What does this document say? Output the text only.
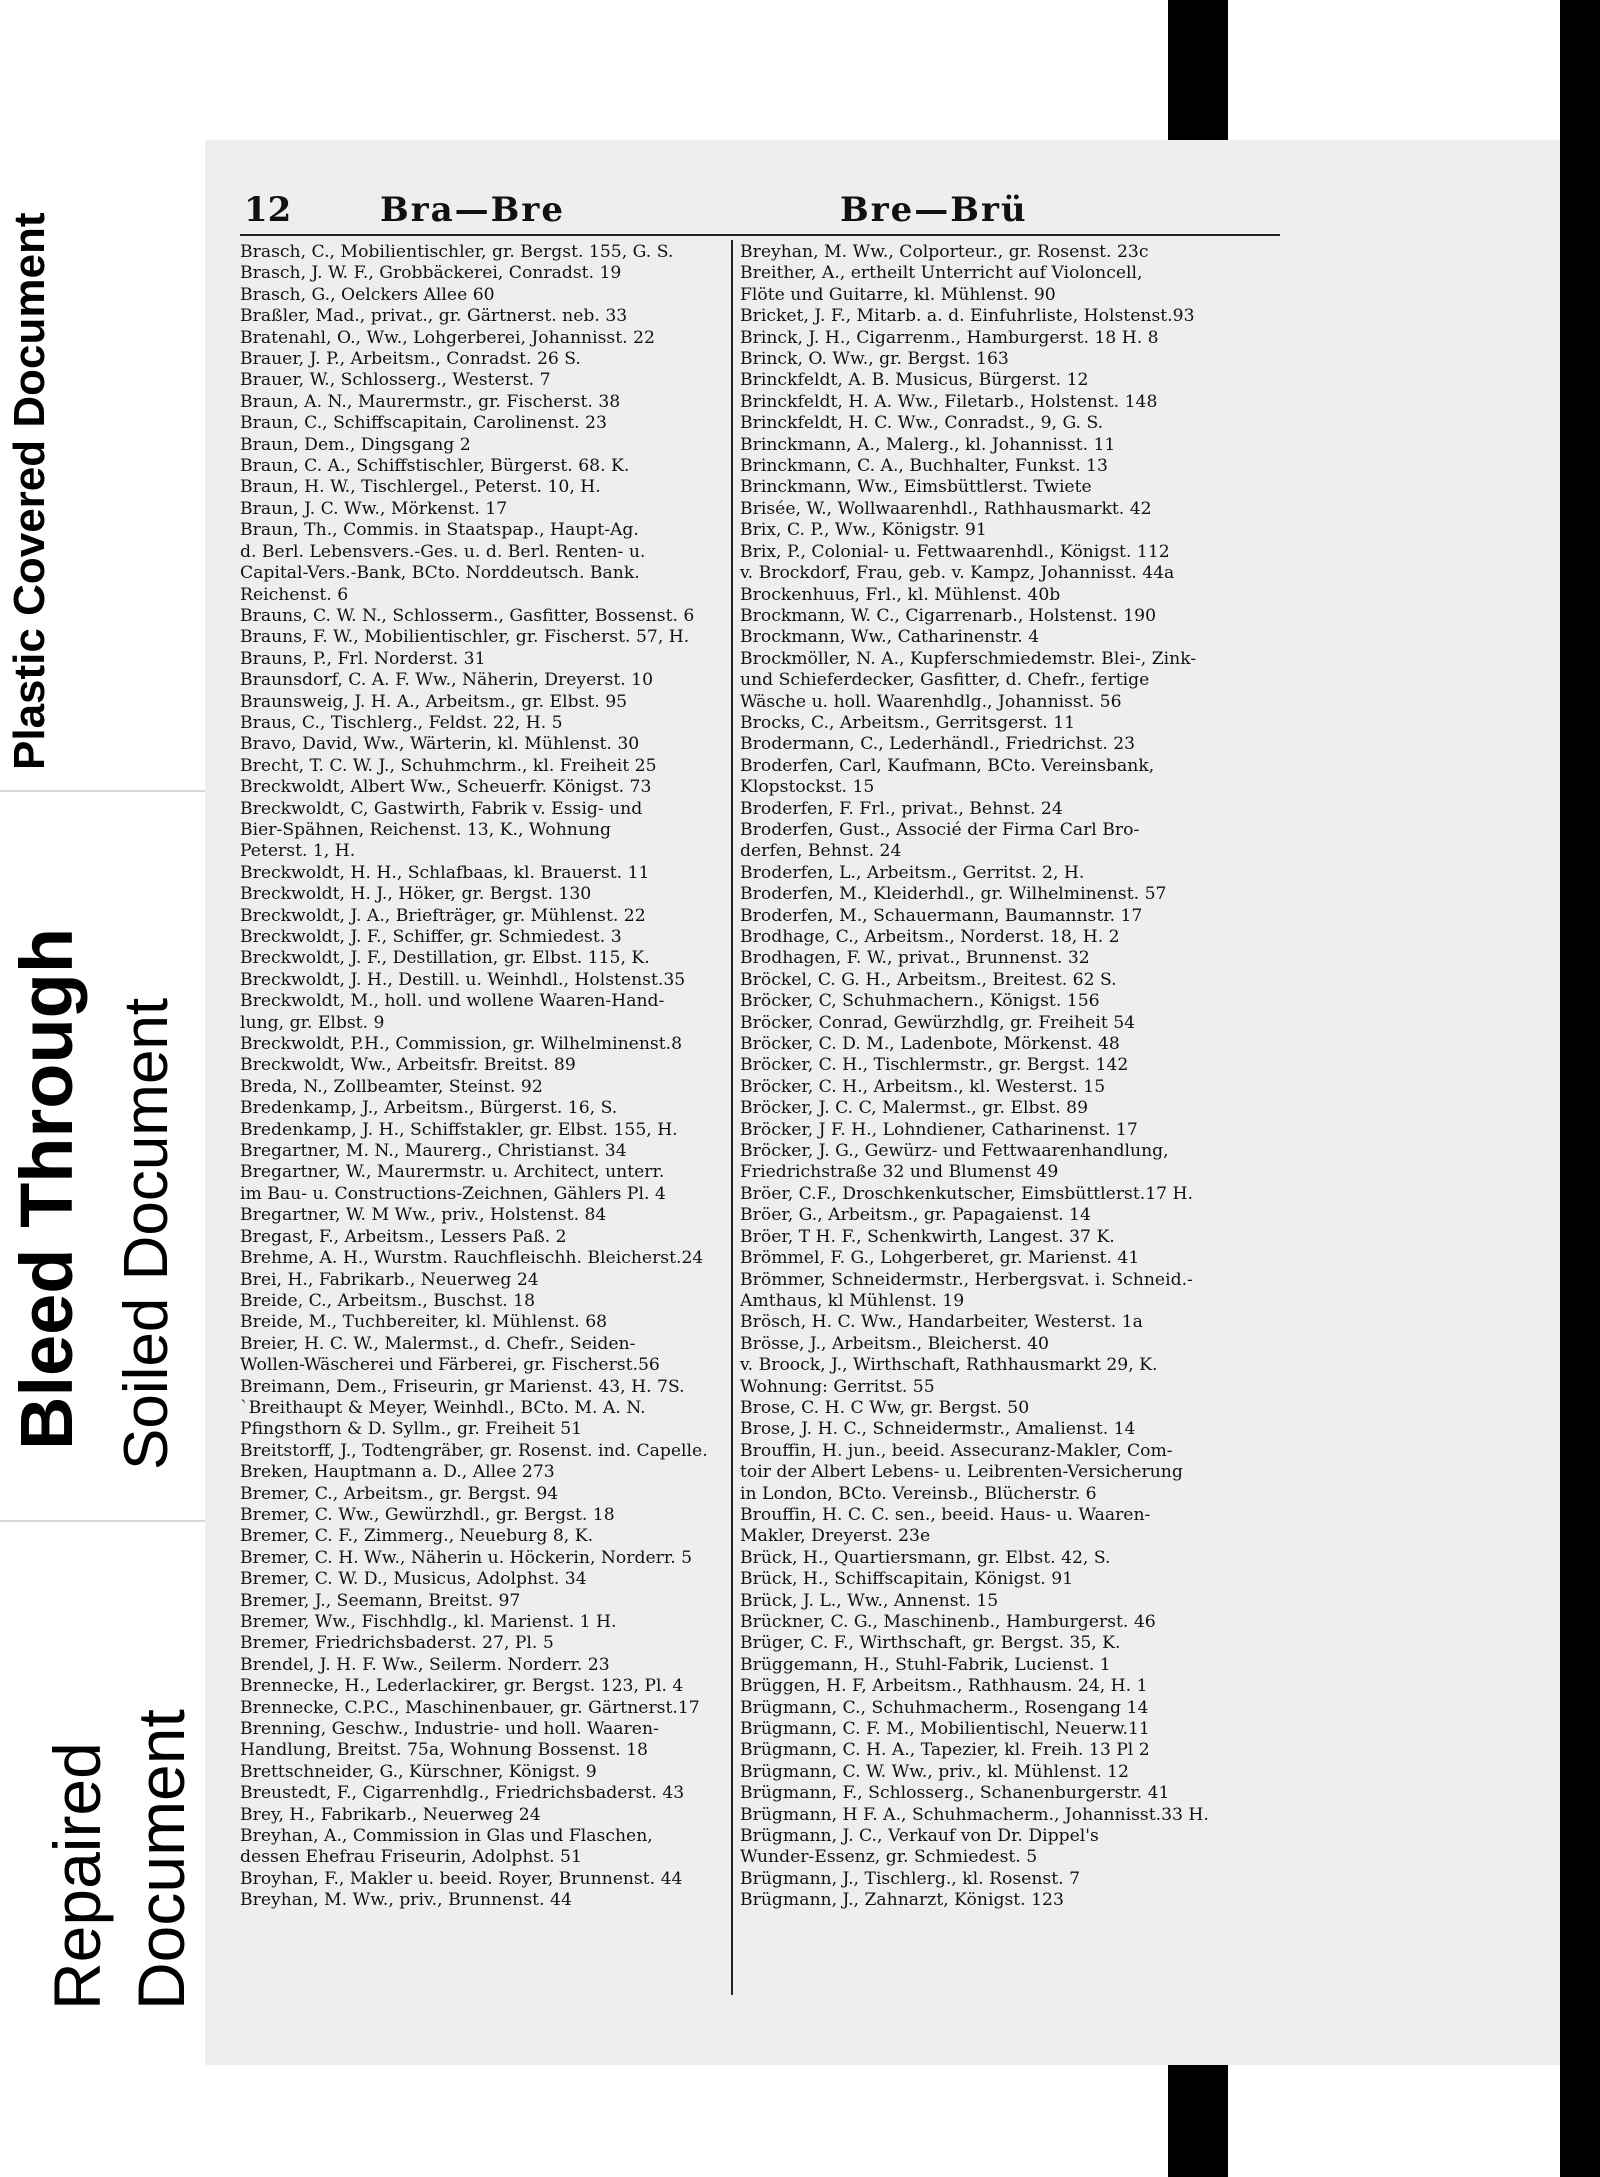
Plastic Covered Document
Bleed Through Soiled Document
Repaired Document
12	Bra—Bre	Bre—Brü
Brasch, C., Mobilientischler, gr. Bergst. 155, G. S.
Brasch, J. W. F., Grobbäckerei, Conradst. 19
Brasch, G., Oelckers Allee 60
Braßler, Mad., privat., gr. Gärtnerst. neb. 33
Bratenahl, O., Ww., Lohgerberei, Johannisst. 22
Brauer, J. P., Arbeitsm., Conradst. 26 S.
Brauer, W., Schlosserg., Westerst. 7
Braun, A. N., Maurermstr., gr. Fischerst. 38
Braun, C., Schiffscapitain, Carolinenst. 23
Braun, Dem., Dingsgang 2
Braun, C. A., Schiffstischler, Bürgerst. 68. K.
Braun, H. W., Tischlergel., Peterst. 10, H.
Braun, J. C. Ww., Mörkenst. 17
Braun, Th., Commis. in Staatspap., Haupt-Ag.
d. Berl. Lebensvers.-Ges. u. d. Berl. Renten- u.
Capital-Vers.-Bank, BCto. Norddeutsch. Bank.
Reichenst. 6
Brauns, C. W. N., Schlosserm., Gasfitter, Bossenst. 6
Brauns, F. W., Mobilientischler, gr. Fischerst. 57, H.
Brauns, P., Frl. Norderst. 31
Braunsdorf, C. A. F. Ww., Näherin, Dreyerst. 10
Braunsweig, J. H. A., Arbeitsm., gr. Elbst. 95
Braus, C., Tischlerg., Feldst. 22, H. 5
Bravo, David, Ww., Wärterin, kl. Mühlenst. 30
Brecht, T. C. W. J., Schuhmchrm., kl. Freiheit 25
Breckwoldt, Albert Ww., Scheuerfr. Königst. 73
Breckwoldt, C, Gastwirth, Fabrik v. Essig- und
Bier-Spähnen, Reichenst. 13, K., Wohnung
Peterst. 1, H.
Breckwoldt, H. H., Schlafbaas, kl. Brauerst. 11
Breckwoldt, H. J., Höker, gr. Bergst. 130
Breckwoldt, J. A., Briefträger, gr. Mühlenst. 22
Breckwoldt, J. F., Schiffer, gr. Schmiedest. 3
Breckwoldt, J. F., Destillation, gr. Elbst. 115, K.
Breckwoldt, J. H., Destill. u. Weinhdl., Holstenst.35
Breckwoldt, M., holl. und wollene Waaren-Hand-
lung, gr. Elbst. 9
Breckwoldt, P.H., Commission, gr. Wilhelminenst.8
Breckwoldt, Ww., Arbeitsfr. Breitst. 89
Breda, N., Zollbeamter, Steinst. 92
Bredenkamp, J., Arbeitsm., Bürgerst. 16, S.
Bredenkamp, J. H., Schiffstakler, gr. Elbst. 155, H.
Bregartner, M. N., Maurerg., Christianst. 34
Bregartner, W., Maurermstr. u. Architect, unterr.
im Bau- u. Constructions-Zeichnen, Gählers Pl. 4
Bregartner, W. M Ww., priv., Holstenst. 84
Bregast, F., Arbeitsm., Lessers Paß. 2
Brehme, A. H., Wurstm. Rauchfleischh. Bleicherst.24
Brei, H., Fabrikarb., Neuerweg 24
Breide, C., Arbeitsm., Buschst. 18
Breide, M., Tuchbereiter, kl. Mühlenst. 68
Breier, H. C. W., Malermst., d. Chefr., Seiden-
Wollen-Wäscherei und Färberei, gr. Fischerst.56
Breimann, Dem., Friseurin, gr Marienst. 43, H. 7S.
`Breithaupt & Meyer, Weinhdl., BCto. M. A. N.
Pfingsthorn & D. Syllm., gr. Freiheit 51
Breitstorff, J., Todtengräber, gr. Rosenst. ind. Capelle.
Breken, Hauptmann a. D., Allee 273
Bremer, C., Arbeitsm., gr. Bergst. 94
Bremer, C. Ww., Gewürzhdl., gr. Bergst. 18
Bremer, C. F., Zimmerg., Neueburg 8, K.
Bremer, C. H. Ww., Näherin u. Höckerin, Norderr. 5
Bremer, C. W. D., Musicus, Adolphst. 34
Bremer, J., Seemann, Breitst. 97
Bremer, Ww., Fischhdlg., kl. Marienst. 1 H.
Bremer, Friedrichsbaderst. 27, Pl. 5
Brendel, J. H. F. Ww., Seilerm. Norderr. 23
Brennecke, H., Lederlackirer, gr. Bergst. 123, Pl. 4
Brennecke, C.P.C., Maschinenbauer, gr. Gärtnerst.17
Brenning, Geschw., Industrie- und holl. Waaren-
Handlung, Breitst. 75a, Wohnung Bossenst. 18
Brettschneider, G., Kürschner, Königst. 9
Breustedt, F., Cigarrenhdlg., Friedrichsbaderst. 43
Brey, H., Fabrikarb., Neuerweg 24
Breyhan, A., Commission in Glas und Flaschen,
dessen Ehefrau Friseurin, Adolphst. 51
Broyhan, F., Makler u. beeid. Royer, Brunnenst. 44
Breyhan, M. Ww., priv., Brunnenst. 44
Breyhan, M. Ww., Colporteur., gr. Rosenst. 23c
Breither, A., ertheilt Unterricht auf Violoncell,
Flöte und Guitarre, kl. Mühlenst. 90
Bricket, J. F., Mitarb. a. d. Einfuhrliste, Holstenst.93
Brinck, J. H., Cigarrenm., Hamburgerst. 18 H. 8
Brinck, O. Ww., gr. Bergst. 163
Brinckfeldt, A. B. Musicus, Bürgerst. 12
Brinckfeldt, H. A. Ww., Filetarb., Holstenst. 148
Brinckfeldt, H. C. Ww., Conradst., 9, G. S.
Brinckmann, A., Malerg., kl. Johannisst. 11
Brinckmann, C. A., Buchhalter, Funkst. 13
Brinckmann, Ww., Eimsbüttlerst. Twiete
Brisée, W., Wollwaarenhdl., Rathhausmarkt. 42
Brix, C. P., Ww., Königstr. 91
Brix, P., Colonial- u. Fettwaarenhdl., Königst. 112
v. Brockdorf, Frau, geb. v. Kampz, Johannisst. 44a
Brockenhuus, Frl., kl. Mühlenst. 40b
Brockmann, W. C., Cigarrenarb., Holstenst. 190
Brockmann, Ww., Catharinenstr. 4
Brockmöller, N. A., Kupferschmiedemstr. Blei-, Zink-
und Schieferdecker, Gasfitter, d. Chefr., fertige
Wäsche u. holl. Waarenhdlg., Johannisst. 56
Brocks, C., Arbeitsm., Gerritsgerst. 11
Brodermann, C., Lederhändl., Friedrichst. 23
Broderfen, Carl, Kaufmann, BCto. Vereinsbank,
Klopstockst. 15
Broderfen, F. Frl., privat., Behnst. 24
Broderfen, Gust., Associé der Firma Carl Bro-
derfen, Behnst. 24
Broderfen, L., Arbeitsm., Gerritst. 2, H.
Broderfen, M., Kleiderhdl., gr. Wilhelminenst. 57
Broderfen, M., Schauermann, Baumannstr. 17
Brodhage, C., Arbeitsm., Norderst. 18, H. 2
Brodhagen, F. W., privat., Brunnenst. 32
Bröckel, C. G. H., Arbeitsm., Breitest. 62 S.
Bröcker, C, Schuhmachern., Königst. 156
Bröcker, Conrad, Gewürzhdlg, gr. Freiheit 54
Bröcker, C. D. M., Ladenbote, Mörkenst. 48
Bröcker, C. H., Tischlermstr., gr. Bergst. 142
Bröcker, C. H., Arbeitsm., kl. Westerst. 15
Bröcker, J. C. C, Malermst., gr. Elbst. 89
Bröcker, J F. H., Lohndiener, Catharinenst. 17
Bröcker, J. G., Gewürz- und Fettwaarenhandlung,
Friedrichstraße 32 und Blumenst 49
Bröer, C.F., Droschkenkutscher, Eimsbüttlerst.17 H.
Bröer, G., Arbeitsm., gr. Papagaienst. 14
Bröer, T H. F., Schenkwirth, Langest. 37 K.
Brömmel, F. G., Lohgerberet, gr. Marienst. 41
Brömmer, Schneidermstr., Herbergsvat. i. Schneid.-
Amthaus, kl Mühlenst. 19
Brösch, H. C. Ww., Handarbeiter, Westerst. 1a
Brösse, J., Arbeitsm., Bleicherst. 40
v. Broock, J., Wirthschaft, Rathhausmarkt 29, K.
Wohnung: Gerritst. 55
Brose, C. H. C Ww, gr. Bergst. 50
Brose, J. H. C., Schneidermstr., Amalienst. 14
Brouffin, H. jun., beeid. Assecuranz-Makler, Com-
toir der Albert Lebens- u. Leibrenten-Versicherung
in London, BCto. Vereinsb., Blücherstr. 6
Brouffin, H. C. C. sen., beeid. Haus- u. Waaren-
Makler, Dreyerst. 23e
Brück, H., Quartiersmann, gr. Elbst. 42, S.
Brück, H., Schiffscapitain, Königst. 91
Brück, J. L., Ww., Annenst. 15
Brückner, C. G., Maschinenb., Hamburgerst. 46
Brüger, C. F., Wirthschaft, gr. Bergst. 35, K.
Brüggemann, H., Stuhl-Fabrik, Lucienst. 1
Brüggen, H. F, Arbeitsm., Rathhausm. 24, H. 1
Brügmann, C., Schuhmacherm., Rosengang 14
Brügmann, C. F. M., Mobilientischl, Neuerw.11
Brügmann, C. H. A., Tapezier, kl. Freih. 13 Pl 2
Brügmann, C. W. Ww., priv., kl. Mühlenst. 12
Brügmann, F., Schlosserg., Schanenburgerstr. 41
Brügmann, H F. A., Schuhmacherm., Johannisst.33 H.
Brügmann, J. C., Verkauf von Dr. Dippel's
Wunder-Essenz, gr. Schmiedest. 5
Brügmann, J., Tischlerg., kl. Rosenst. 7
Brügmann, J., Zahnarzt, Königst. 123
